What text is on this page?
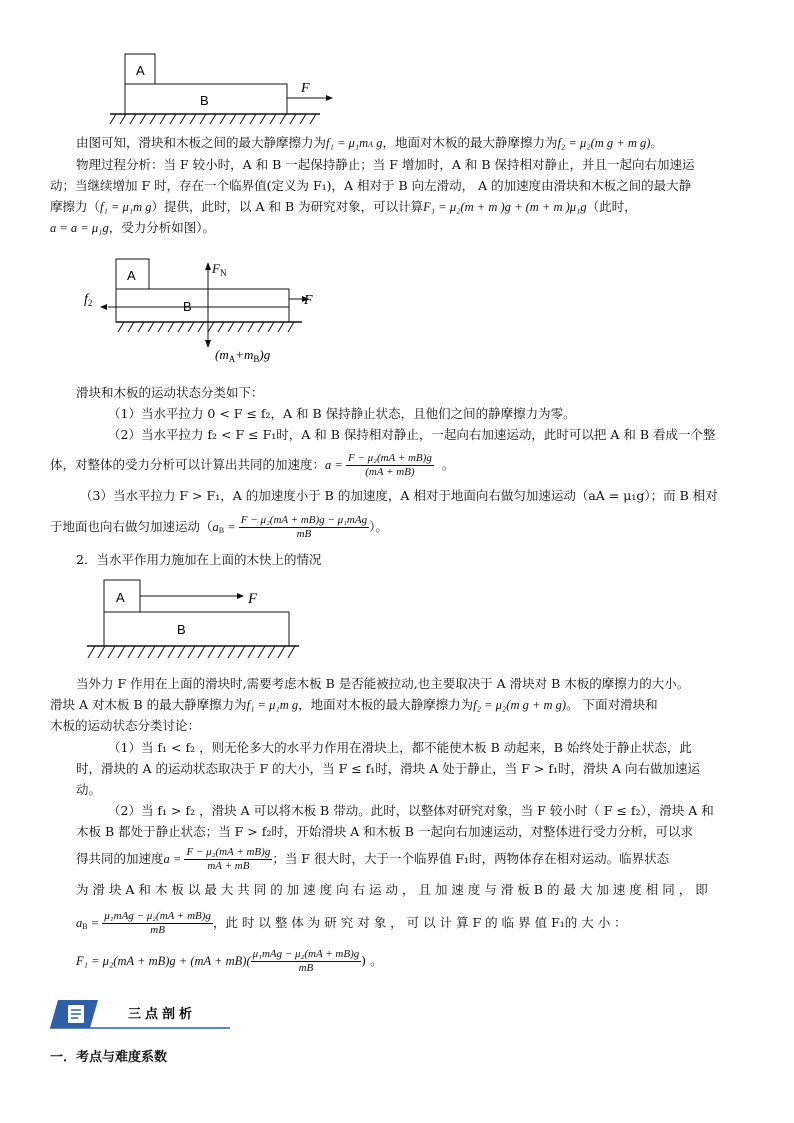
A
B
F
由图可知，滑块和木板之间的最大静摩擦力为f₁ = μ₁mA g，地面对木板的最大静摩擦力为f₂ = μ₂(m g + m g)。
物理过程分析：当 F 较小时，A 和 B 一起保持静止；当 F 增加时，A 和 B 保持相对静止，并且一起向右加速运
动；当继续增加 F 时，存在一个临界值(定义为 F₁)，A 相对于 B 向左滑动， A 的加速度由滑块和木板之间的最大静
摩擦力（f₁ = μ₁m g）提供，此时，以 A 和 B 为研究对象，可以计算F₁ = μ₂(m + m )g + (m + m )μ₁g（此时，
a = a = μ₁g，受力分析如图）。
A
B	F
$f_2$
$F_N$
$(m_A+m_B)g$
滑块和木板的运动状态分类如下：
（1）当水平拉力 0 < F ≤ f₂，A 和 B 保持静止状态，且他们之间的静摩擦力为零。
（2）当水平拉力 f₂ < F ≤ F₁时，A 和 B 保持相对静止，一起向右加速运动，此时可以把 A 和 B 看成一个整
体，对整体的受力分析可以计算出共同的加速度：$a = \frac{\text{F − μ₂(mA + mB)g}}{(mA + mB)}$ 。
（3）当水平拉力 F > F₁，A 的加速度小于 B 的加速度，A 相对于地面向右做匀加速运动（aA = μ₁g）；而 B 相对
于地面也向右做匀加速运动（$a_B = \frac{\text{F − μ₂(mA + mB)g − μ₁mAg}}{mB}$ ）。
2．当水平作用力施加在上面的木快上的情况
A
B
F
当外力 F 作用在上面的滑块时,需要考虑木板 B 是否能被拉动,也主要取决于 A 滑块对 B 木板的摩擦力的大小。
滑块 A 对木板 B 的最大静摩擦力为f₁ = μ₁m g，地面对木板的最大静摩擦力为f₂ = μ₂(m g + m g)。 下面对滑块和
木板的运动状态分类讨论：
（1）当 f₁ < f₂ ，则无伦多大的水平力作用在滑块上，都不能使木板 B 动起来，B 始终处于静止状态，此
时，滑块的 A 的运动状态取决于 F 的大小，当 F ≤ f₁时，滑块 A 处于静止，当 F > f₁时，滑块 A 向右做加速运
动。
（2）当 f₁ > f₂ ，滑块 A 可以将木板 B 带动。此时，以整体对研究对象，当 F 较小时（ F ≤ f₂），滑块 A 和
木板 B 都处于静止状态；当 F > f₂时，开始滑块 A 和木板 B 一起向右加速运动，对整体进行受力分析，可以求
得共同的加速度$a = \frac{\text{F − μ₂(mA + mB)g}}{mA + mB}$ ；当 F 很大时，大于一个临界值 F₁时，两物体存在相对运动。临界状态
为 滑 块 A 和 木 板 以 最 大 共 同 的 加 速 度 向 右 运 动 ， 且 加 速 度 与 滑 板 B 的 最 大 加 速 度 相 同 ， 即
$a_B = \frac{\text{μ₁mAg − μ₂(mA + mB)g}}{mB}$ ，此 时 以 整 体 为 研 究 对 象 ， 可 以 计 算 F 的 临 界 值 F₁的 大 小 ：
$F_1 = \mu_2(mA + mB)g + (mA + mB)( \frac{\text{μ₁mAg − μ₂(mA + mB)g}}{mB}$ ) 。
三点剖析
一．考点与难度系数
